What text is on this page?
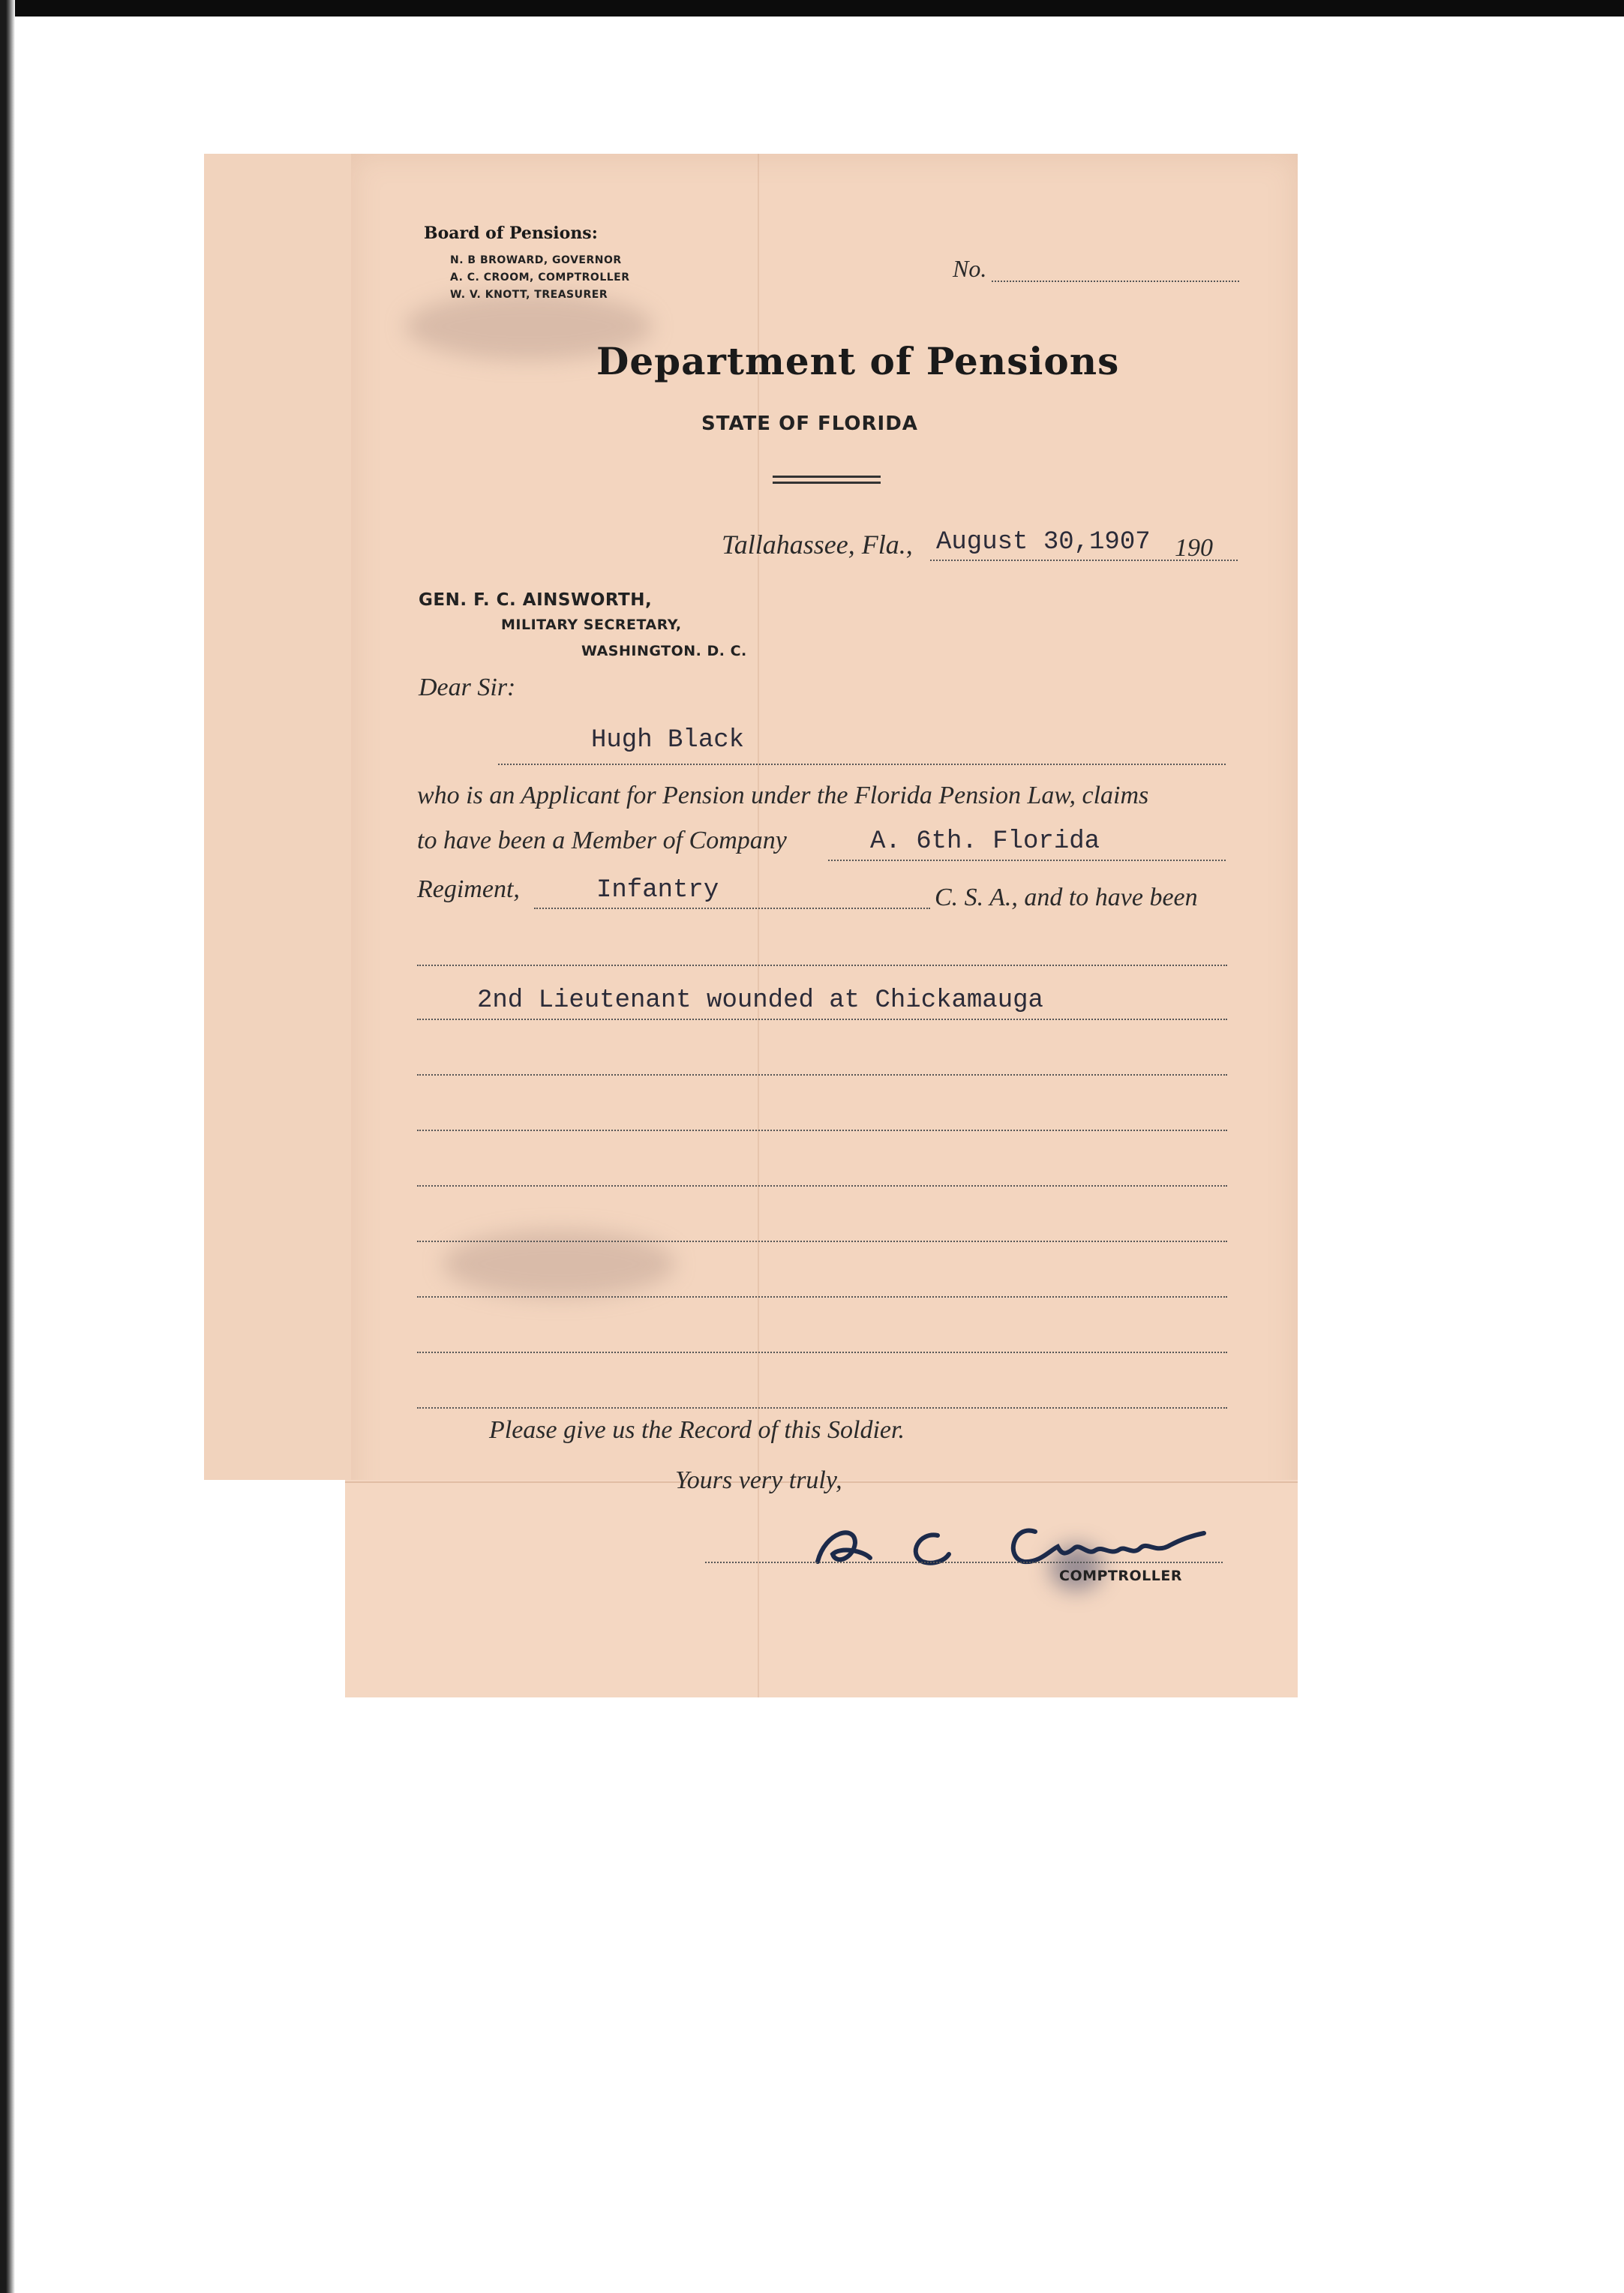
Board of Pensions:
N. B BROWARD, GOVERNOR
A. C. CROOM, COMPTROLLER
W. V. KNOTT, TREASURER
No.
Department of Pensions
STATE OF FLORIDA
Tallahassee, Fla., August 30,1907 190
GEN. F. C. AINSWORTH,
MILITARY SECRETARY,
WASHINGTON. D. C.
Dear Sir:
Hugh Black
who is an Applicant for Pension under the Florida Pension Law, claims
to have been a Member of Company	A. 6th. Florida
Regiment,	Infantry	C. S. A., and to have been
2nd Lieutenant wounded at Chickamauga
Please give us the Record of this Soldier.
Yours very truly,
COMPTROLLER
